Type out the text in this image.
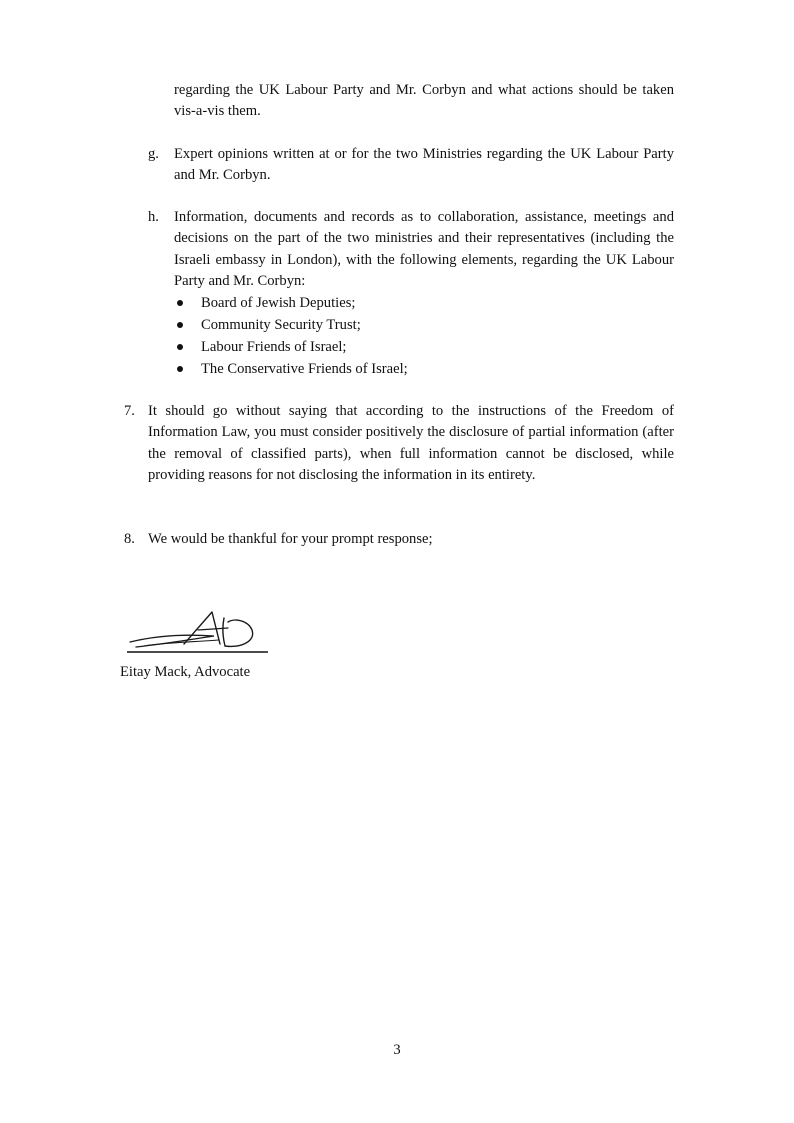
regarding the UK Labour Party and Mr. Corbyn and what actions should be taken vis-a-vis them.
g. Expert opinions written at or for the two Ministries regarding the UK Labour Party and Mr. Corbyn.
h. Information, documents and records as to collaboration, assistance, meetings and decisions on the part of the two ministries and their representatives (including the Israeli embassy in London), with the following elements, regarding the UK Labour Party and Mr. Corbyn:
Board of Jewish Deputies;
Community Security Trust;
Labour Friends of Israel;
The Conservative Friends of Israel;
7. It should go without saying that according to the instructions of the Freedom of Information Law, you must consider positively the disclosure of partial information (after the removal of classified parts), when full information cannot be disclosed, while providing reasons for not disclosing the information in its entirety.
8. We would be thankful for your prompt response;
Eitay Mack, Advocate
3
